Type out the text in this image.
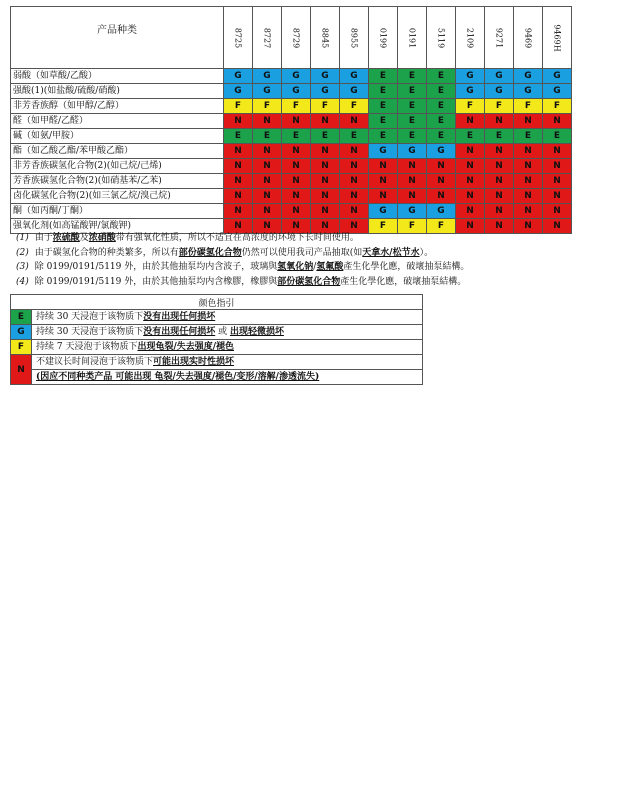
产品种类	8725	8727	8729	8845	8955	0199	0191	5119	2109	9271	9469	9469H

弱酸（如草酸/乙酸）	G	G	G	G	G	E	E	E	G	G	G	G
强酸(1)(如盐酸/硫酸/硝酸)	G	G	G	G	G	E	E	E	G	G	G	G
非芳香族醇（如甲醇/乙醇）	F	F	F	F	F	E	E	E	F	F	F	F
醛（如甲醛/乙醛）	N	N	N	N	N	E	E	E	N	N	N	N
碱（如氨/甲胺）	E	E	E	E	E	E	E	E	E	E	E	E
酯（如乙酸乙酯/苯甲酸乙酯）	N	N	N	N	N	G	G	G	N	N	N	N
非芳香族碳氢化合物(2)(如己烷/己烯)	N	N	N	N	N	N	N	N	N	N	N	N
芳香族碳氢化合物(2)(如硝基苯/乙苯)	N	N	N	N	N	N	N	N	N	N	N	N
卤化碳氢化合物(2)(如三氯乙烷/溴己烷)	N	N	N	N	N	N	N	N	N	N	N	N
酮（如丙酮/丁酮）	N	N	N	N	N	G	G	G	N	N	N	N
强氧化剂(如高锰酸钾/氯酸钾)	N	N	N	N	N	F	F	F	N	N	N	N
(1) 由于浓硫酸及浓硝酸带有强氧化性质，所以不适宜在高浓度的环境下长时间使用。
(2) 由于碳氢化合物的种类繁多，所以有部份碳氢化合物仍然可以使用我司产品抽取(如天拿水/松节水）。
(3) 除 0199/0191/5119 外，由於其他抽泵均内含波子，玻璃與氢氧化钠/氢氟酸產生化學化應，破壞抽泵結構。
(4) 除 0199/0191/5119 外，由於其他抽泵均内含橡膠，橡膠與部份碳氢化合物產生化學化應，破壞抽泵結構。
颜色指引	
E	持续 30 天浸泡于该物质下没有出现任何损坏
G	持续 30 天浸泡于该物质下没有出现任何损坏 或 出现轻微损坏
F	持续 7 天浸泡于该物质下出现龟裂/失去强度/褪色
N	不建议长时间浸泡于该物质下可能出现实时性损坏
	(因应不同种类产品 可能出现 龟裂/失去强度/褪色/变形/溶解/渗透流失)
